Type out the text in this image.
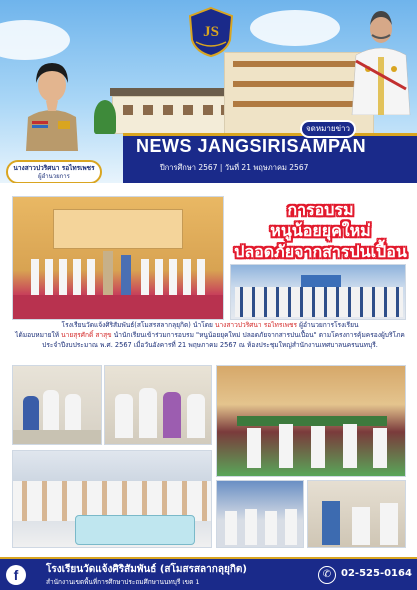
JS
จดหมายข่าว
NEWS JANGSIRISAMPAN
ปีการศึกษา 2567 | วันที่ 21 พฤษภาคม 2567
นางสาวปวริศนา รอไทรเพชร
ผู้อำนวยการ
การอบรม
หนูน้อยยุคใหม่
ปลอดภัยจากสารปนเปื้อน
โรงเรียนวัดแจ้งศิริสัมพันธ์(สโมสรสลากลุยุกิต) นำโดย นางสาวปวริศนา รอไทรเพชร ผู้อำนวยการโรงเรียน
ได้มอบหมายให้ นายสุรศักดิ์ สาสุข นำนักเรียนเข้าร่วมการอบรม "หนูน้อยยุคใหม่ ปลอดภัยจากสารปนเปื้อน" ตามโครงการคุ้มครองผู้บริโภค
ประจำปีงบประมาณ พ.ศ. 2567 เมื่อวันอังคารที่ 21 พฤษภาคม 2567 ณ ห้องประชุมใหญ่สำนักงานเทศบาลนครนนทบุรี.
f	โรงเรียนวัดแจ้งศิริสัมพันธ์ (สโมสรสลากลุยุกิต)
สำนักงานเขตพื้นที่การศึกษาประถมศึกษานนทบุรี เขต 1
✆ 02-525-0164
